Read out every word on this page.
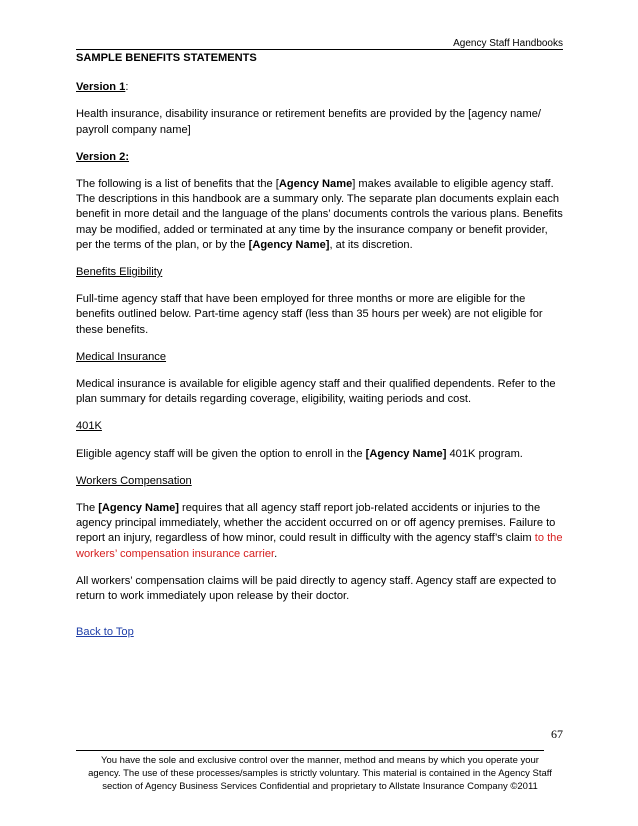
Agency Staff Handbooks

SAMPLE BENEFITS STATEMENTS

Version 1:
Health insurance, disability insurance or retirement benefits are provided by the [agency name/ payroll company name]
Version 2:
The following is a list of benefits that the [Agency Name] makes available to eligible agency staff. The descriptions in this handbook are a summary only. The separate plan documents explain each benefit in more detail and the language of the plans’ documents controls the various plans. Benefits may be modified, added or terminated at any time by the insurance company or benefit provider, per the terms of the plan, or by the [Agency Name], at its discretion.
Benefits Eligibility
Full-time agency staff that have been employed for three months or more are eligible for the benefits outlined below. Part-time agency staff (less than 35 hours per week) are not eligible for these benefits.
Medical Insurance
Medical insurance is available for eligible agency staff and their qualified dependents. Refer to the plan summary for details regarding coverage, eligibility, waiting periods and cost.
401K
Eligible agency staff will be given the option to enroll in the [Agency Name] 401K program.
Workers Compensation
The [Agency Name] requires that all agency staff report job-related accidents or injuries to the agency principal immediately, whether the accident occurred on or off agency premises. Failure to report an injury, regardless of how minor, could result in difficulty with the agency staff’s claim to the workers’ compensation insurance carrier.
All workers’ compensation claims will be paid directly to agency staff. Agency staff are expected to return to work immediately upon release by their doctor.
Back to Top
67
You have the sole and exclusive control over the manner, method and means by which you operate your
agency. The use of these processes/samples is strictly voluntary. This material is contained in the Agency Staff
section of Agency Business Services Confidential and proprietary to Allstate Insurance Company ©2011
